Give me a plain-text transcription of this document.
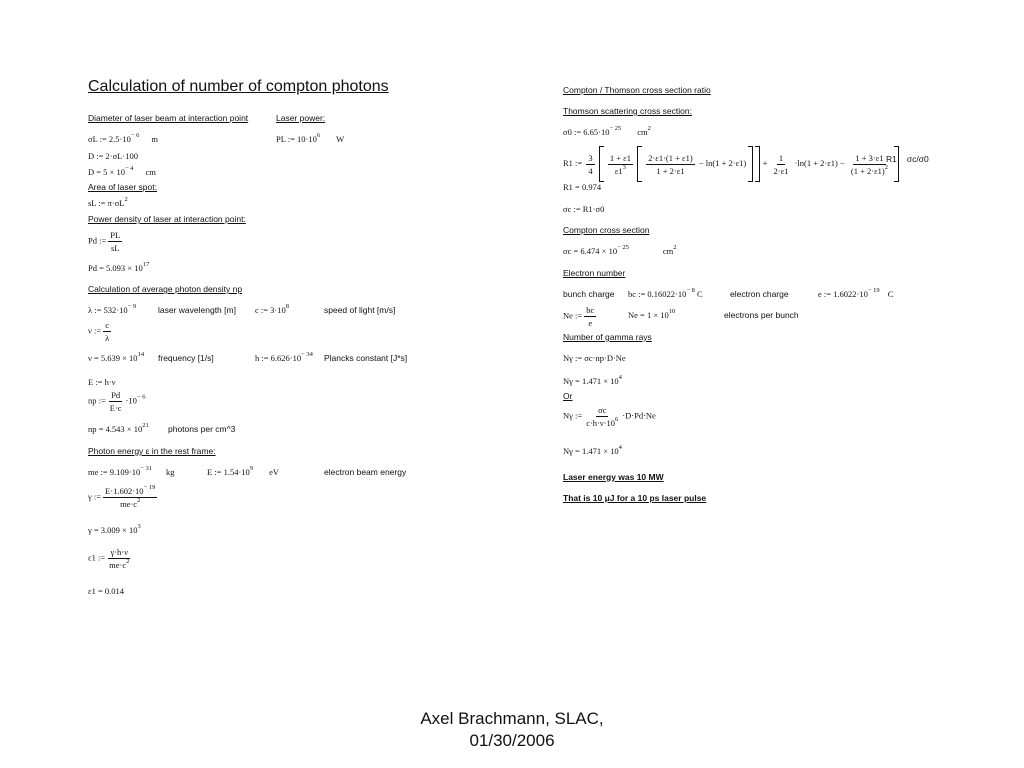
Calculation of number of compton photons
Diameter of laser beam at interaction point	Laser power:
σL := $2.5\cdot 10^{- 6}$ m	PL := $10\cdot 10^6$ W
D := 2·σL·100
$D = 5 \times 10^{- 4}$ cm
Area of laser spot:
sL := $\pi\cdot\sigma L^2$
Power density of laser at interaction point:
Pd := $\frac{PL}{sL}$
$Pd = 5.093 \times 10^{17}$
Calculation of average photon density np
λ := $532\cdot 10^{- 9}$	laser wavelength [m] c := $3\cdot 10^8$	speed of light [m/s]
ν := $\frac{c}{\lambda}$
$\nu = 5.639 \times 10^{14}$ frequency [1/s]	h := $6.626\cdot 10^{- 34}$ Plancks constant [J*s]
E := h·ν
np := $\frac{Pd}{E\cdot c} \cdot 10^{- 6}$
np = $4.543 \times 10^{21}$ photons per cm^3
Photon energy ε in the rest frame:
me := $9.109\cdot 10^{- 31}$ kg	E := $1.54\cdot 10^9$ eV	electron beam energy
γ := $\frac{E\cdot 1.602\cdot 10^{- 19}}{me\cdot c^2}$
$\gamma = 3.009 \times 10^3$
ε1 := $\frac{\gamma\cdot h\cdot\nu}{me\cdot c^2}$
ε1 = 0.014
Compton / Thomson cross section ratio
Thomson scattering cross section:
σ0 := $6.65\cdot 10^{- 25}$ $cm^2$
R1 := $\frac{3}{4}$
$\frac{1 + \varepsilon 1}{\varepsilon 1^3}$
$\frac{2\cdot\varepsilon 1\cdot(1 + \varepsilon 1)}{1 + 2\cdot\varepsilon 1} - \ln(1 + 2\cdot\varepsilon 1) + \frac{1}{2\cdot\varepsilon 1} \cdot\ln(1 + 2\cdot\varepsilon 1) - \frac{1 + 3\cdot\varepsilon 1}{(1 + 2\cdot\varepsilon 1)^2}$

R1 σc/σ0
R1 = 0.974
σc := R1·σ0
Compton cross section
$\sigma c = 6.474 \times 10^{- 25}$	$cm^2$
Electron number
bunch charge bc := $0.16022\cdot 10^{- 8}$ C	electron charge	e := $1.6022\cdot 10^{- 19}$ C
Ne := $\frac{bc}{e}$	$Ne = 1 \times 10^{10}$	electrons per bunch
Number of gamma rays
Nγ := σc·np·D·Ne
$N\gamma = 1.471 \times 10^4$
Or
Nγ := $\frac{\sigma c}{c\cdot h\cdot\nu\cdot 10^6} \cdot D\cdot Pd\cdot Ne$
$N\gamma = 1.471 \times 10^4$
Laser energy was 10 MW
That is 10 μJ for a 10 ps laser pulse
Axel Brachmann, SLAC,
01/30/2006
